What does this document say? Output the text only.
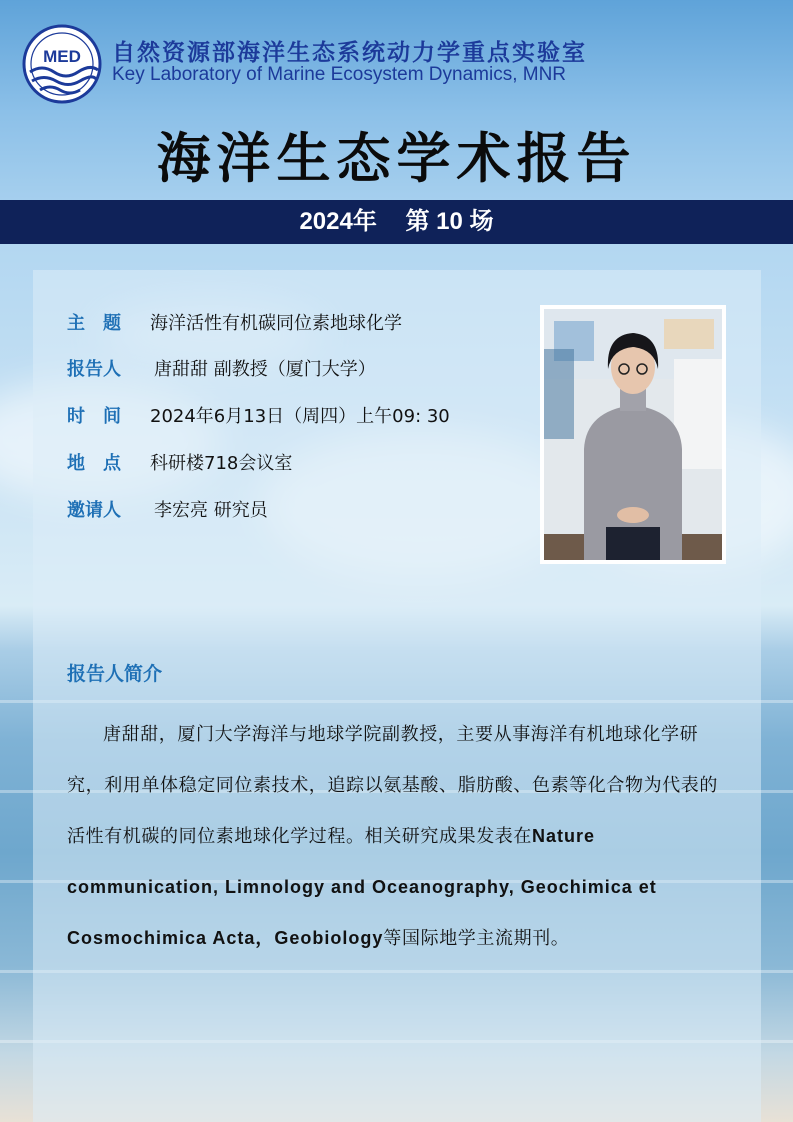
MED 自然资源部海洋生态系统动力学重点实验室
Key Laboratory of Marine Ecosystem Dynamics, MNR
海洋生态学术报告
2024年 第 10 场
主　题	海洋活性有机碳同位素地球化学
报告人	唐甜甜 副教授（厦门大学）
时　间	2024年6月13日（周四）上午09: 30
地　点	科研楼718会议室
邀请人	李宏亮 研究员
报告人简介
唐甜甜，厦门大学海洋与地球学院副教授，主要从事海洋有机地球化学研究，利用单体稳定同位素技术，追踪以氨基酸、脂肪酸、色素等化合物为代表的活性有机碳的同位素地球化学过程。相关研究成果发表在Nature communication, Limnology and Oceanography, Geochimica et Cosmochimica Acta，Geobiology等国际地学主流期刊。
